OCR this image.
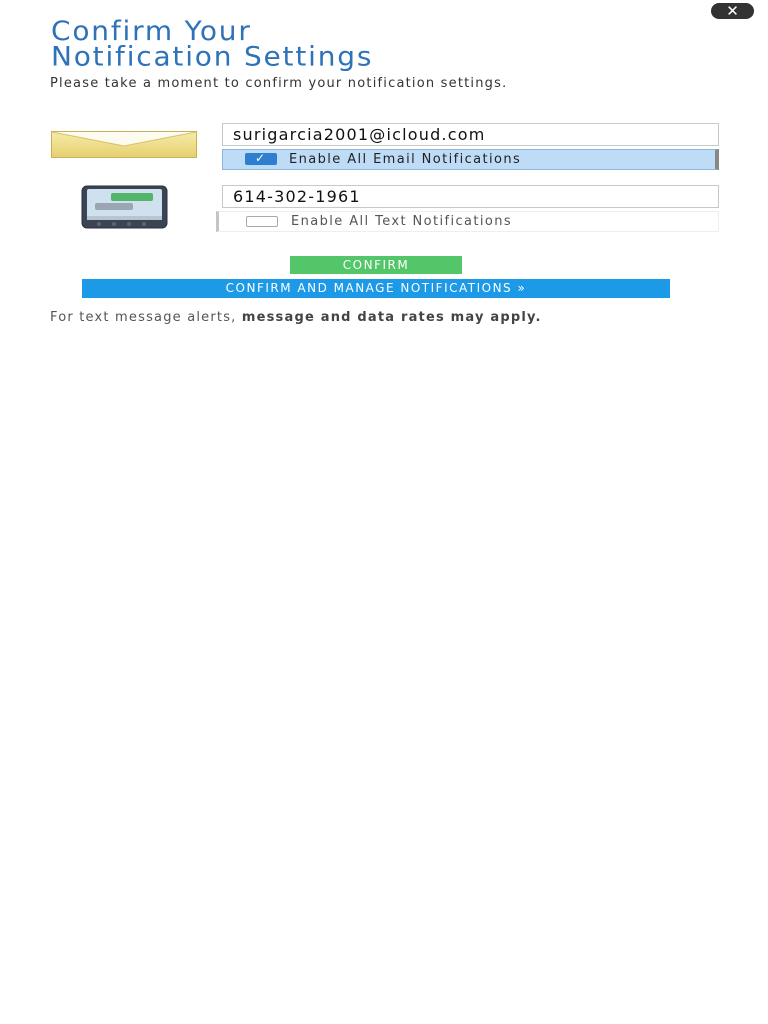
✕
Confirm Your
Notification Settings

Please take a moment to confirm your notification settings.

surigarcia2001@icloud.com
✓ Enable All Email Notifications
614-302-1961
Enable All Text Notifications
CONFIRM
CONFIRM AND MANAGE NOTIFICATIONS »

For text message alerts, message and data rates may apply.
